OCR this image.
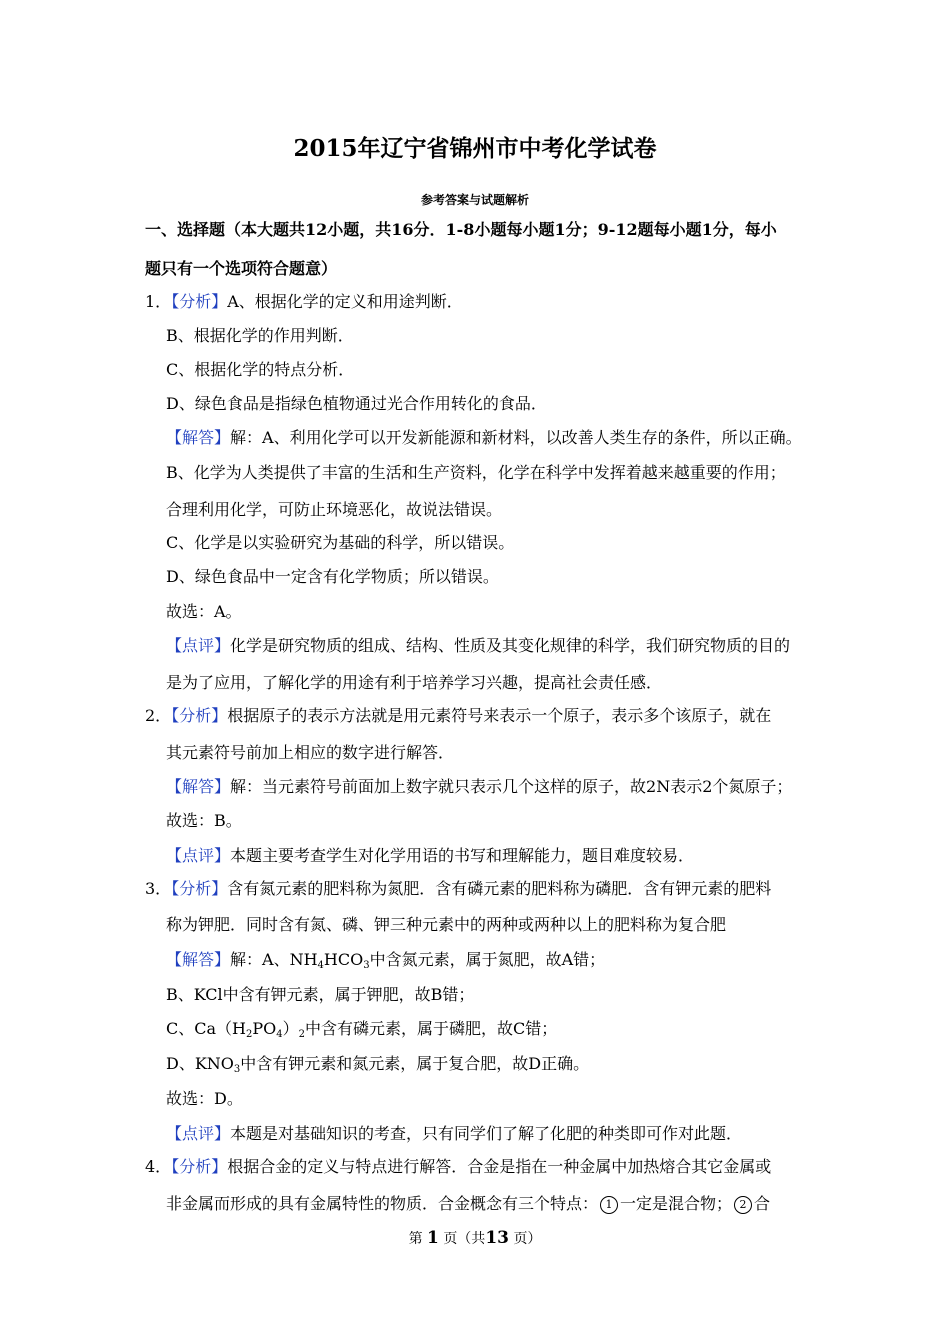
2015年辽宁省锦州市中考化学试卷
参考答案与试题解析
一、选择题（本大题共12小题，共16分．1-8小题每小题1分；9-12题每小题1分，每小
题只有一个选项符合题意）
1．【分析】A、根据化学的定义和用途判断．
B、根据化学的作用判断．
C、根据化学的特点分析．
D、绿色食品是指绿色植物通过光合作用转化的食品．
【解答】解：A、利用化学可以开发新能源和新材料，以改善人类生存的条件，所以正确。
B、化学为人类提供了丰富的生活和生产资料，化学在科学中发挥着越来越重要的作用；
合理利用化学，可防止环境恶化，故说法错误。
C、化学是以实验研究为基础的科学，所以错误。
D、绿色食品中一定含有化学物质；所以错误。
故选：A。
【点评】化学是研究物质的组成、结构、性质及其变化规律的科学，我们研究物质的目的
是为了应用，了解化学的用途有利于培养学习兴趣，提高社会责任感．
2．【分析】根据原子的表示方法就是用元素符号来表示一个原子，表示多个该原子，就在
其元素符号前加上相应的数字进行解答．
【解答】解：当元素符号前面加上数字就只表示几个这样的原子，故2N表示2个氮原子；
故选：B。
【点评】本题主要考查学生对化学用语的书写和理解能力，题目难度较易．
3．【分析】含有氮元素的肥料称为氮肥．含有磷元素的肥料称为磷肥．含有钾元素的肥料
称为钾肥．同时含有氮、磷、钾三种元素中的两种或两种以上的肥料称为复合肥
【解答】解：A、$NH_4HCO_3$中含氮元素，属于氮肥，故A错；
B、KCl中含有钾元素，属于钾肥，故B错；
C、$Ca(H_2PO_4)_2$中含有磷元素，属于磷肥，故C错；
D、$KNO_3$中含有钾元素和氮元素，属于复合肥，故D正确。
故选：D。
【点评】本题是对基础知识的考查，只有同学们了解了化肥的种类即可作对此题．
4．【分析】根据合金的定义与特点进行解答．合金是指在一种金属中加热熔合其它金属或
非金属而形成的具有金属特性的物质．合金概念有三个特点： 1 一定是混合物； 2 合
第 1 页（共13 页）
